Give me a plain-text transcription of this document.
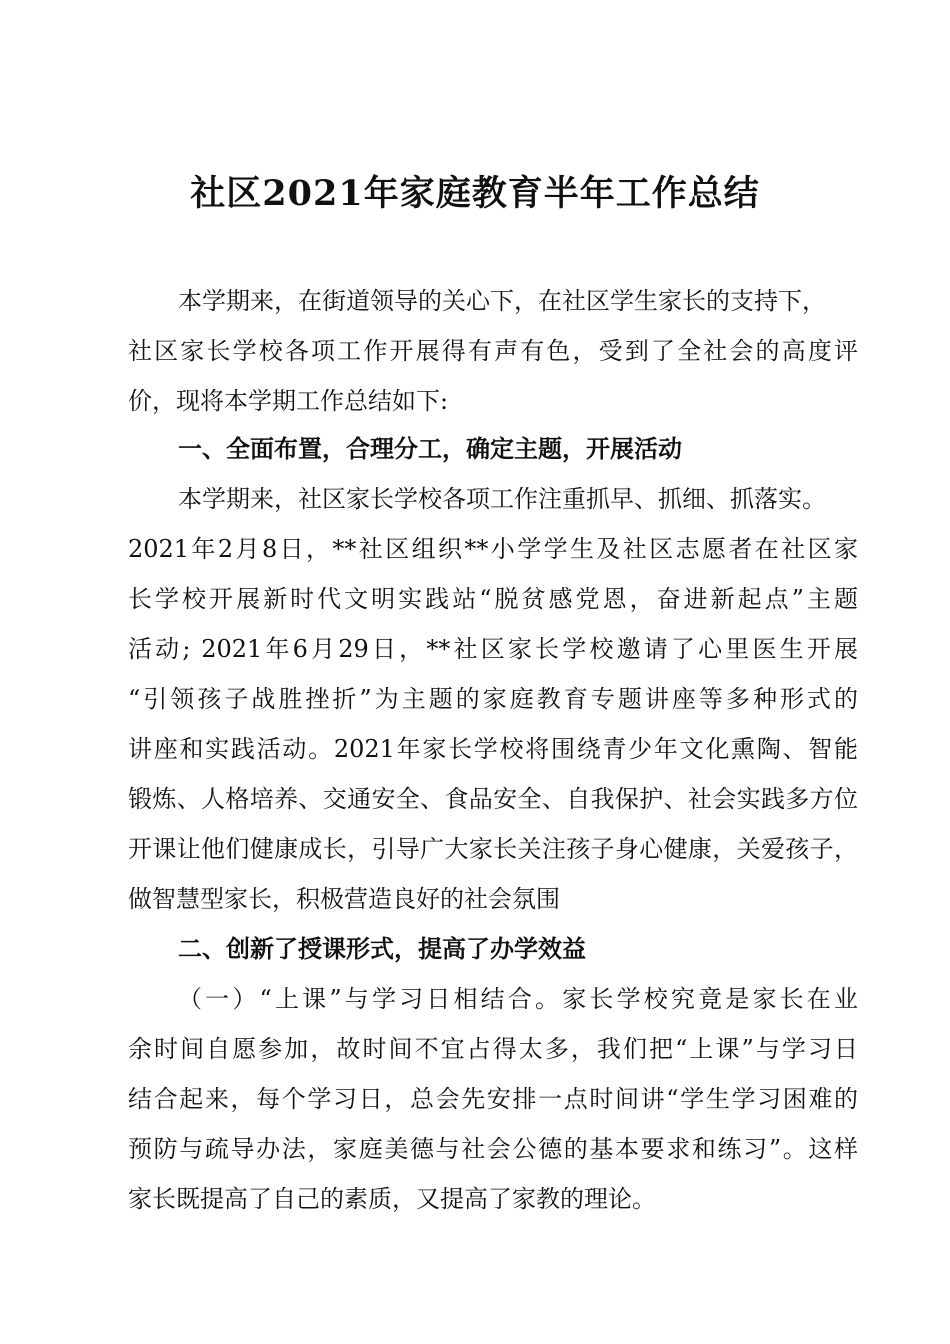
社区2021年家庭教育半年工作总结
本学期来，在街道领导的关心下，在社区学生家长的支持下，
社区家长学校各项工作开展得有声有色，受到了全社会的高度评
价，现将本学期工作总结如下:
一、全面布置，合理分工，确定主题，开展活动
本学期来，社区家长学校各项工作注重抓早、抓细、抓落实。
2021年2月8日，**社区组织**小学学生及社区志愿者在社区家
长学校开展新时代文明实践站“脱贫感党恩，奋进新起点”主题
活动; 2021年6月29日，**社区家长学校邀请了心里医生开展
“引领孩子战胜挫折”为主题的家庭教育专题讲座等多种形式的
讲座和实践活动。2021年家长学校将围绕青少年文化熏陶、智能
锻炼、人格培养、交通安全、食品安全、自我保护、社会实践多方位
开课让他们健康成长，引导广大家长关注孩子身心健康，关爱孩子，
做智慧型家长，积极营造良好的社会氛围
二、创新了授课形式，提高了办学效益
（一）“上课”与学习日相结合。家长学校究竟是家长在业
余时间自愿参加，故时间不宜占得太多，我们把“上课”与学习日
结合起来，每个学习日，总会先安排一点时间讲“学生学习困难的
预防与疏导办法，家庭美德与社会公德的基本要求和练习”。这样
家长既提高了自己的素质，又提高了家教的理论。
